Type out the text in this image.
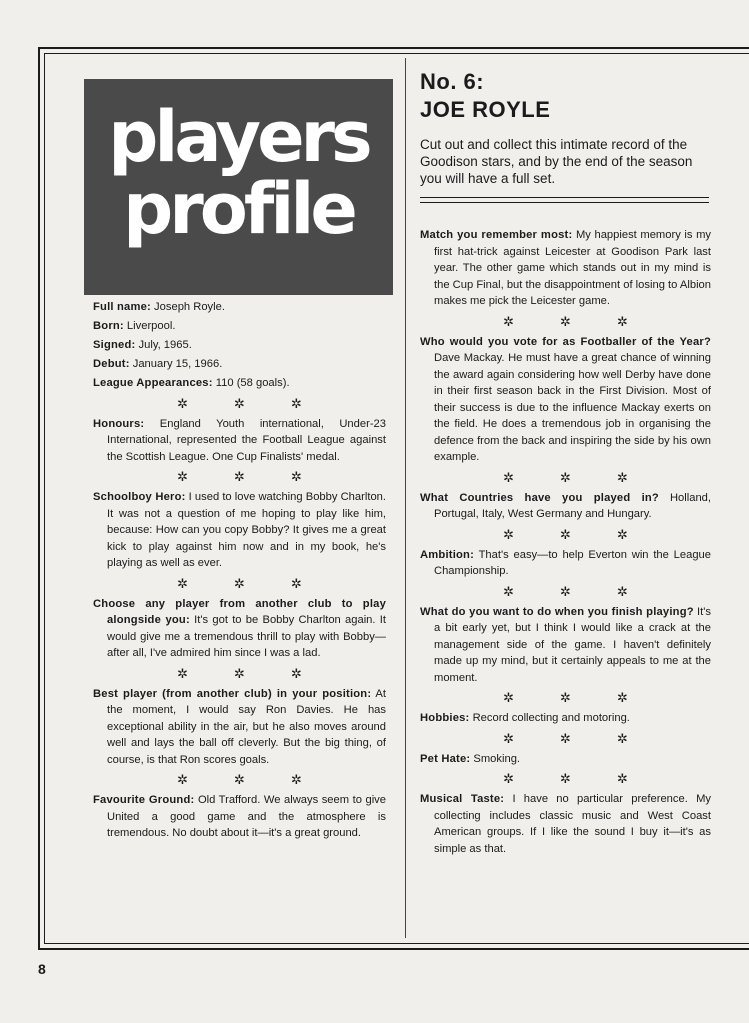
players
profile
No. 6:
JOE ROYLE
Cut out and collect this intimate record of the Goodison stars, and by the end of the season you will have a full set.
Full name: Joseph Royle.
Born: Liverpool.
Signed: July, 1965.
Debut: January 15, 1966.
League Appearances: 110 (58 goals).
✲	✲	✲

Honours: England Youth international, Under-23 International, represented the Football League against the Scottish League. One Cup Finalists' medal.

✲	✲	✲

Schoolboy Hero: I used to love watching Bobby Charlton. It was not a question of me hoping to play like him, because: How can you copy Bobby? It gives me a great kick to play against him now and in my book, he's playing as well as ever.

✲	✲	✲

Choose any player from another club to play alongside you: It's got to be Bobby Charlton again. It would give me a tremendous thrill to play with Bobby—after all, I've admired him since I was a lad.

✲	✲	✲

Best player (from another club) in your position: At the moment, I would say Ron Davies. He has exceptional ability in the air, but he also moves around well and lays the ball off cleverly. But the big thing, of course, is that Ron scores goals.

✲	✲	✲

Favourite Ground: Old Trafford. We always seem to give United a good game and the atmosphere is tremendous. No doubt about it—it's a great ground.

Match you remember most: My happiest memory is my first hat-trick against Leicester at Goodison Park last year. The other game which stands out in my mind is the Cup Final, but the disappointment of losing to Albion makes me pick the Leicester game.

✲	✲	✲

Who would you vote for as Footballer of the Year? Dave Mackay. He must have a great chance of winning the award again considering how well Derby have done in their first season back in the First Division. Most of their success is due to the influence Mackay exerts on the field. He does a tremendous job in organising the defence from the back and inspiring the side by his own example.

✲	✲	✲

What Countries have you played in? Holland, Portugal, Italy, West Germany and Hungary.

✲	✲	✲

Ambition: That's easy—to help Everton win the League Championship.

✲	✲	✲

What do you want to do when you finish playing? It's a bit early yet, but I think I would like a crack at the management side of the game. I haven't definitely made up my mind, but it certainly appeals to me at the moment.

✲	✲	✲

Hobbies: Record collecting and motoring.

✲	✲	✲

Pet Hate: Smoking.

✲	✲	✲

Musical Taste: I have no particular preference. My collecting includes classic music and West Coast American groups. If I like the sound I buy it—it's as simple as that.

8
